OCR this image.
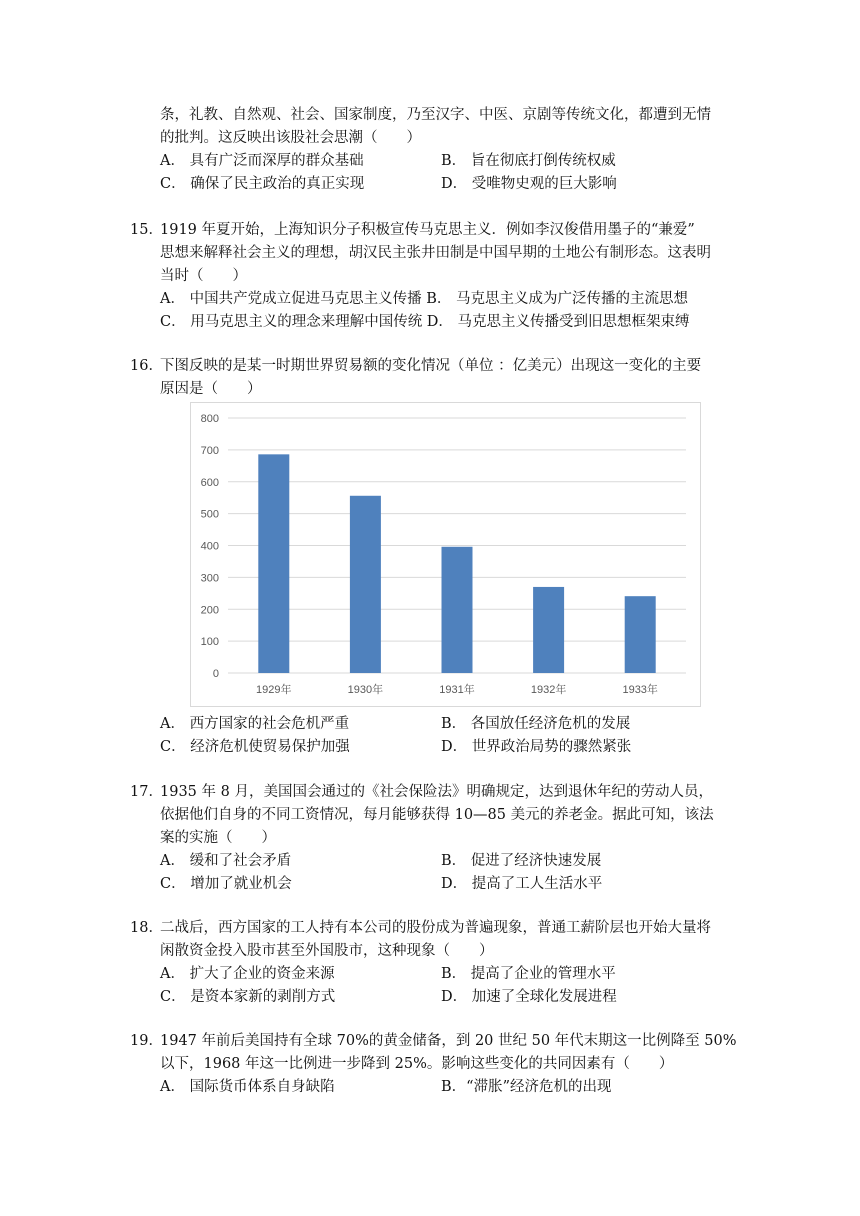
条，礼教、自然观、社会、国家制度，乃至汉字、中医、京剧等传统文化，都遭到无情
的批判。这反映出该股社会思潮（　　）
A． 具有广泛而深厚的群众基础	B． 旨在彻底打倒传统权威
C． 确保了民主政治的真正实现	D． 受唯物史观的巨大影响
15．
1919 年夏开始，上海知识分子积极宣传马克思主义．例如李汉俊借用墨子的“兼爱”
思想来解释社会主义的理想，胡汉民主张井田制是中国早期的土地公有制形态。这表明
当时（　　）
A． 中国共产党成立促进马克思主义传播 B． 马克思主义成为广泛传播的主流思想
C． 用马克思主义的理念来理解中国传统 D． 马克思主义传播受到旧思想框架束缚
16．
下图反映的是某一时期世界贸易额的变化情况（单位 ：亿美元）出现这一变化的主要
原因是（　　）
0
100
200
300
400
500
600
700
800
1929年	1930年	1931年	1932年	1933年
A． 西方国家的社会危机严重	B． 各国放任经济危机的发展
C． 经济危机使贸易保护加强	D． 世界政治局势的骤然紧张
17．
1935 年 8 月，美国国会通过的《社会保险法》明确规定，达到退休年纪的劳动人员，
依据他们自身的不同工资情况，每月能够获得 10—85 美元的养老金。据此可知，该法
案的实施（　　）
A． 缓和了社会矛盾	B． 促进了经济快速发展
C． 增加了就业机会	D． 提高了工人生活水平
18．
二战后，西方国家的工人持有本公司的股份成为普遍现象，普通工薪阶层也开始大量将
闲散资金投入股市甚至外国股市，这种现象（　　）
A． 扩大了企业的资金来源	B． 提高了企业的管理水平
C． 是资本家新的剥削方式	D． 加速了全球化发展进程
19．
1947 年前后美国持有全球 70%的黄金储备，到 20 世纪 50 年代末期这一比例降至 50%
以下，1968 年这一比例进一步降到 25%。影响这些变化的共同因素有（　　）
A． 国际货币体系自身缺陷	B．“滞胀”经济危机的出现
